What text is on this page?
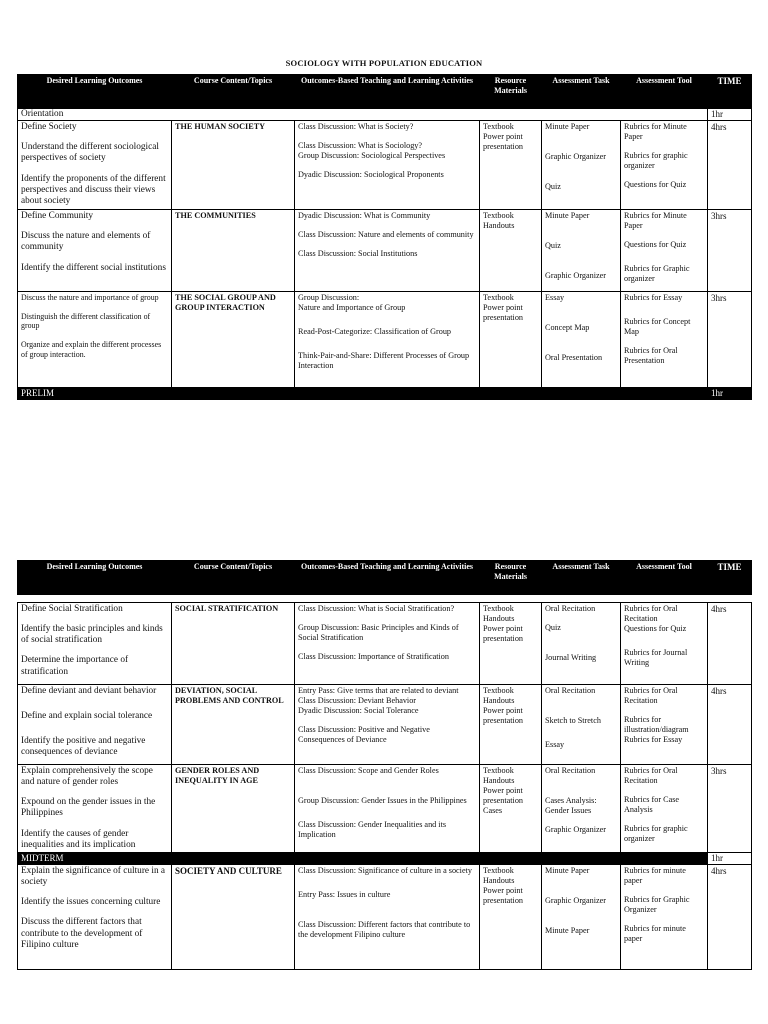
SOCIOLOGY WITH POPULATION EDUCATION
Desired Learning Outcomes	Course Content/Topics	Outcomes-Based Teaching and Learning Activities	Resource Materials	Assessment Task	Assessment Tool	TIME

Orientation						1hr

Define Society
Understand the different sociological perspectives of society
Identify the proponents of the different perspectives and discuss their views about society	THE HUMAN SOCIETY	Class Discussion: What is Society?
Class Discussion: What is Sociology?
Group Discussion: Sociological Perspectives
Dyadic Discussion: Sociological Proponents	Textbook
Power point presentation	Minute Paper
Graphic Organizer
Quiz	Rubrics for Minute Paper
Rubrics for graphic organizer
Questions for Quiz	4hrs

Define Community
Discuss the nature and elements of community
Identify the different social institutions	THE COMMUNITIES	Dyadic Discussion: What is Community
Class Discussion: Nature and elements of community
Class Discussion: Social Institutions	Textbook
Handouts	Minute Paper
Quiz
Graphic Organizer	Rubrics for Minute Paper
Questions for Quiz
Rubrics for Graphic organizer	3hrs

Discuss the nature and importance of group
Distinguish the different classification of group
Organize and explain the different processes of group interaction.	THE SOCIAL GROUP AND GROUP INTERACTION	Group Discussion:
Nature and Importance of Group
Read-Post-Categorize: Classification of Group
Think-Pair-and-Share: Different Processes of Group Interaction	Textbook
Power point presentation	Essay
Concept Map
Oral Presentation	Rubrics for Essay
Rubrics for Concept Map
Rubrics for Oral Presentation	3hrs
PRELIM						1hr
Desired Learning Outcomes	Course Content/Topics	Outcomes-Based Teaching and Learning Activities	Resource Materials	Assessment Task	Assessment Tool	TIME

Define Social Stratification
Identify the basic principles and kinds of social stratification
Determine the importance of stratification	SOCIAL STRATIFICATION	Class Discussion: What is Social Stratification?
Group Discussion: Basic Principles and Kinds of Social Stratification
Class Discussion: Importance of Stratification	Textbook
Handouts
Power point presentation	Oral Recitation
Quiz
Journal Writing	Rubrics for Oral Recitation
Questions for Quiz
Rubrics for Journal Writing	4hrs

Define deviant and deviant behavior
Define and explain social tolerance
Identify the positive and negative consequences of deviance	DEVIATION, SOCIAL PROBLEMS AND CONTROL	Entry Pass: Give terms that are related to deviant
Class Discussion: Deviant Behavior
Dyadic Discussion: Social Tolerance
Class Discussion: Positive and Negative Consequences of Deviance	Textbook
Handouts
Power point presentation	Oral Recitation
Sketch to Stretch
Essay	Rubrics for Oral Recitation
Rubrics for illustration/diagram
Rubrics for Essay	4hrs

Explain comprehensively the scope and nature of gender roles
Expound on the gender issues in the Philippines
Identify the causes of gender inequalities and its implication	GENDER ROLES AND INEQUALITY IN AGE	Class Discussion: Scope and Gender Roles
Group Discussion: Gender Issues in the Philippines
Class Discussion: Gender Inequalities and its Implication	Textbook
Handouts
Power point presentation
Cases	Oral Recitation
Cases Analysis: Gender Issues
Graphic Organizer	Rubrics for Oral Recitation
Rubrics for Case Analysis
Rubrics for graphic organizer	3hrs
MIDTERM						1hr

Explain the significance of culture in a society
Identify the issues concerning culture
Discuss the different factors that contribute to the development of Filipino culture	SOCIETY AND CULTURE	Class Discussion: Significance of culture in a society
Entry Pass: Issues in culture
Class Discussion: Different factors that contribute to the development Filipino culture	Textbook
Handouts
Power point presentation	Minute Paper
Graphic Organizer
Minute Paper	Rubrics for minute paper
Rubrics for Graphic Organizer
Rubrics for minute paper	4hrs
